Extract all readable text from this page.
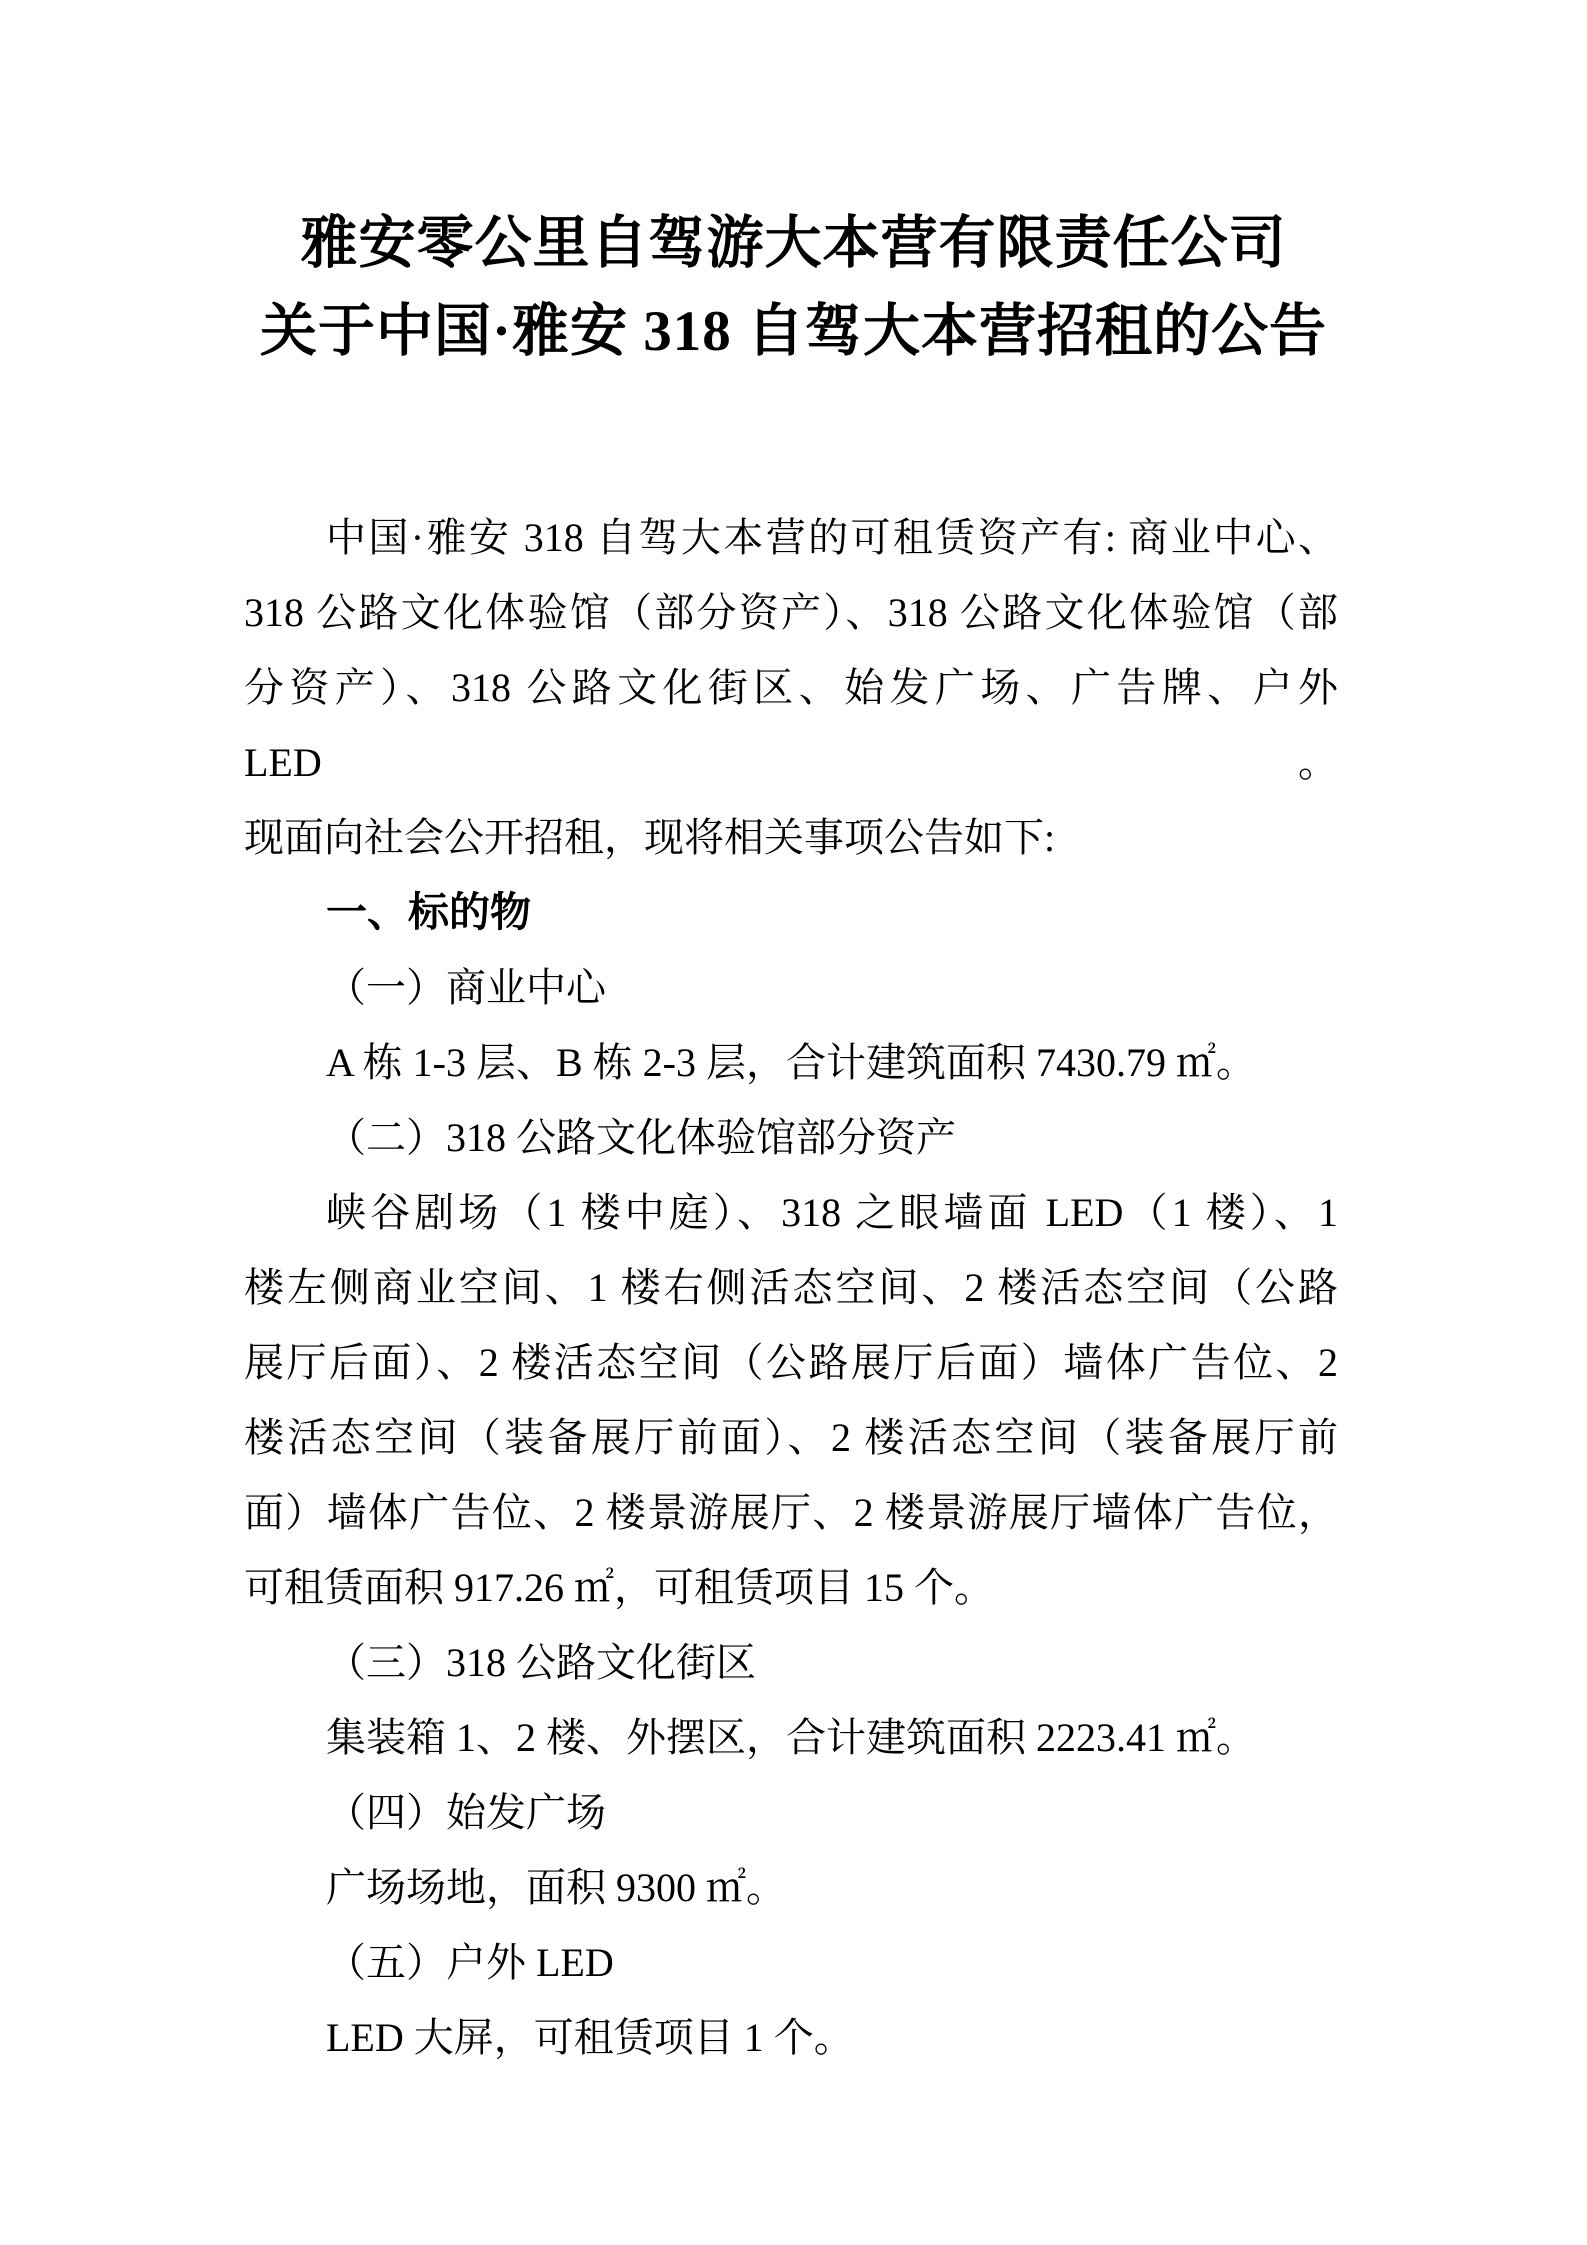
雅安零公里自驾游大本营有限责任公司
关于中国·雅安 318 自驾大本营招租的公告
中国·雅安 318 自驾大本营的可租赁资产有: 商业中心、
318 公路文化体验馆（部分资产）、318 公路文化体验馆（部
分资产）、318 公路文化街区、始发广场、广告牌、户外 LED。
现面向社会公开招租，现将相关事项公告如下:
一、标的物
（一）商业中心
A 栋 1-3 层、B 栋 2-3 层，合计建筑面积 7430.79 ㎡。
（二）318 公路文化体验馆部分资产
峡谷剧场（1 楼中庭）、318 之眼墙面 LED（1 楼）、1
楼左侧商业空间、1 楼右侧活态空间、2 楼活态空间（公路
展厅后面）、2 楼活态空间（公路展厅后面）墙体广告位、2
楼活态空间（装备展厅前面）、2 楼活态空间（装备展厅前
面）墙体广告位、2 楼景游展厅、2 楼景游展厅墙体广告位，
可租赁面积 917.26 ㎡，可租赁项目 15 个。
（三）318 公路文化街区
集装箱 1、2 楼、外摆区，合计建筑面积 2223.41 ㎡。
（四）始发广场
广场场地，面积 9300 ㎡。
（五）户外 LED
LED 大屏，可租赁项目 1 个。
